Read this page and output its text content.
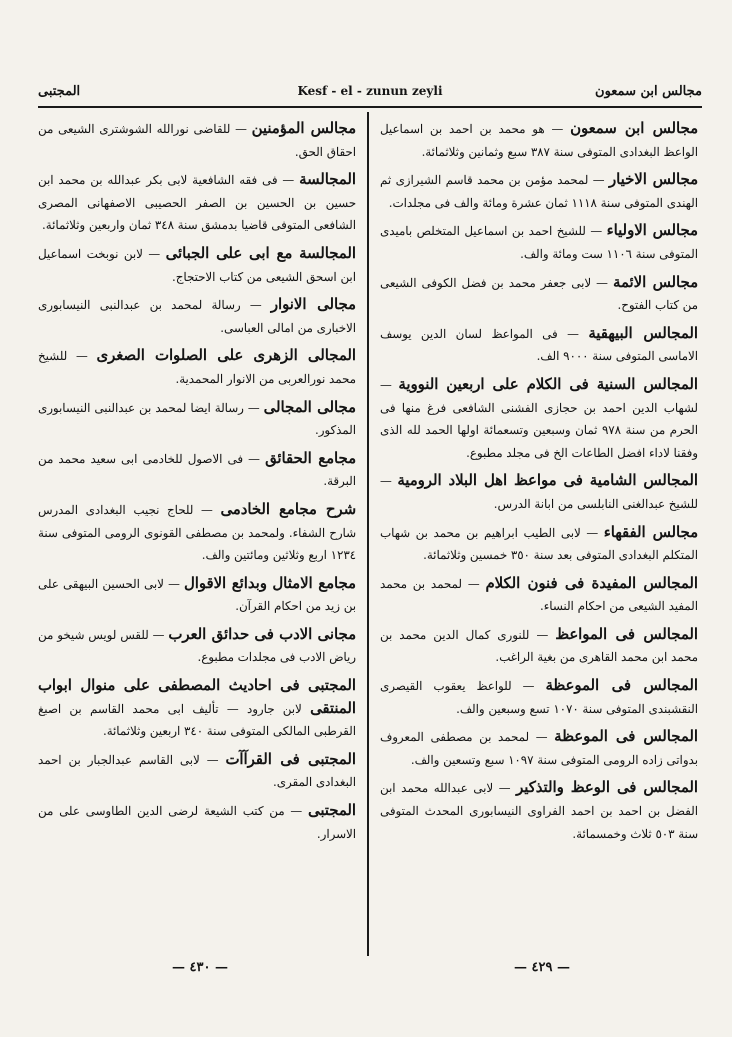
مجالس ابن سمعون
Kesf - el - zunun zeyli
المجتبى

مجالس ابن سمعون — هو محمد بن احمد بن اسماعيل الواعظ البغدادى المتوفى سنة ٣٨٧ سبع وثمانين وثلاثمائة.

مجالس الاخيار — لمحمد مؤمن بن محمد قاسم الشيرازى ثم الهندى المتوفى سنة ١١١٨ ثمان عشرة ومائة والف فى مجلدات.

مجالس الاولياء — للشيخ احمد بن اسماعيل المتخلص بامیدی المتوفى سنة ١١٠٦ ست ومائة والف.

مجالس الائمة — لابى جعفر محمد بن فضل الكوفى الشيعى من كتاب الفتوح.

المجالس البيهقية — فى المواعظ لسان الدين يوسف الاماسى المتوفى سنة ٩٠٠٠ الف.

المجالس السنية فى الكلام على اربعين النووية — لشهاب الدين احمد بن حجازى الفشنى الشافعى فرغ منها فى الحرم من سنة ٩٧٨ ثمان وسبعين وتسعمائة اولها الحمد لله الذى وفقنا لاداء افضل الطاعات الخ فى مجلد مطبوع.

المجالس الشامية فى مواعظ اهل البلاد الرومية — للشيخ عبدالغنى النابلسى من ابانة الدرس.

مجالس الفقهاء — لابى الطيب ابراهيم بن محمد بن شهاب المتكلم البغدادى المتوفى بعد سنة ٣٥٠ خمسين وثلاثمائة.

المجالس المفيدة فى فنون الكلام — لمحمد بن محمد المفيد الشيعى من احكام النساء.

المجالس فى المواعظ — للنورى كمال الدين محمد بن محمد ابن محمد القاهرى من بغية الراغب.

المجالس فى الموعظة — للواعظ يعقوب القيصرى النقشبندى المتوفى سنة ١٠٧٠ تسع وسبعين والف.

المجالس فى الموعظة — لمحمد بن مصطفى المعروف بدواتى زاده الرومى المتوفى سنة ١٠٩٧ سبع وتسعين والف.

المجالس فى الوعظ والتذكير — لابى عبدالله محمد ابن الفضل بن احمد بن احمد الفراوى النيسابورى المحدث المتوفى سنة ٥٠٣ ثلاث وخمسمائة.

مجالس المؤمنين — للقاضى نورالله الشوشترى الشيعى من احقاق الحق.

المجالسة — فى فقه الشافعية لابى بكر عبدالله بن محمد ابن حسين بن الحسين بن الصفر الحصيبى الاصفهانى المصرى الشافعى المتوفى قاضيا بدمشق سنة ٣٤٨ ثمان واربعين وثلاثمائة.

المجالسة مع ابى على الجبائى — لابن نوبخت اسماعيل ابن اسحق الشيعى من كتاب الاحتجاج.

مجالى الانوار — رسالة لمحمد بن عبدالنبى النيسابورى الاخبارى من امالى العباسى.

المجالى الزهرى على الصلوات الصغرى — للشيخ محمد نورالعربى من الانوار المحمدية.

مجالى المجالى — رسالة ايضا لمحمد بن عبدالنبى النيسابورى المذكور.

مجامع الحقائق — فى الاصول للخادمى ابى سعيد محمد من البرقة.

شرح مجامع الخادمى — للحاج نجيب البغدادى المدرس شارح الشفاء. ولمحمد بن مصطفى القونوى الرومى المتوفى سنة ١٢٣٤ اربع وثلاثين ومائتين والف.

مجامع الامثال وبدائع الاقوال — لابى الحسين البيهقى على بن زيد من احكام القرآن.

مجانى الادب فى حدائق العرب — للقس لويس شيخو من رياض الادب فى مجلدات مطبوع.

المجتبى فى احاديث المصطفى على منوال ابواب المنتقى لابن جارود — تأليف ابى محمد القاسم بن اصبغ القرطبى المالكى المتوفى سنة ٣٤٠ اربعين وثلاثمائة.

المجتبى فى القرآآت — لابى القاسم عبدالجبار بن احمد البغدادى المقرى.

المجتبى — من كتب الشيعة لرضى الدين الطاوسى على من الاسرار.

— ٤٢٩ —
— ٤٣٠ —
